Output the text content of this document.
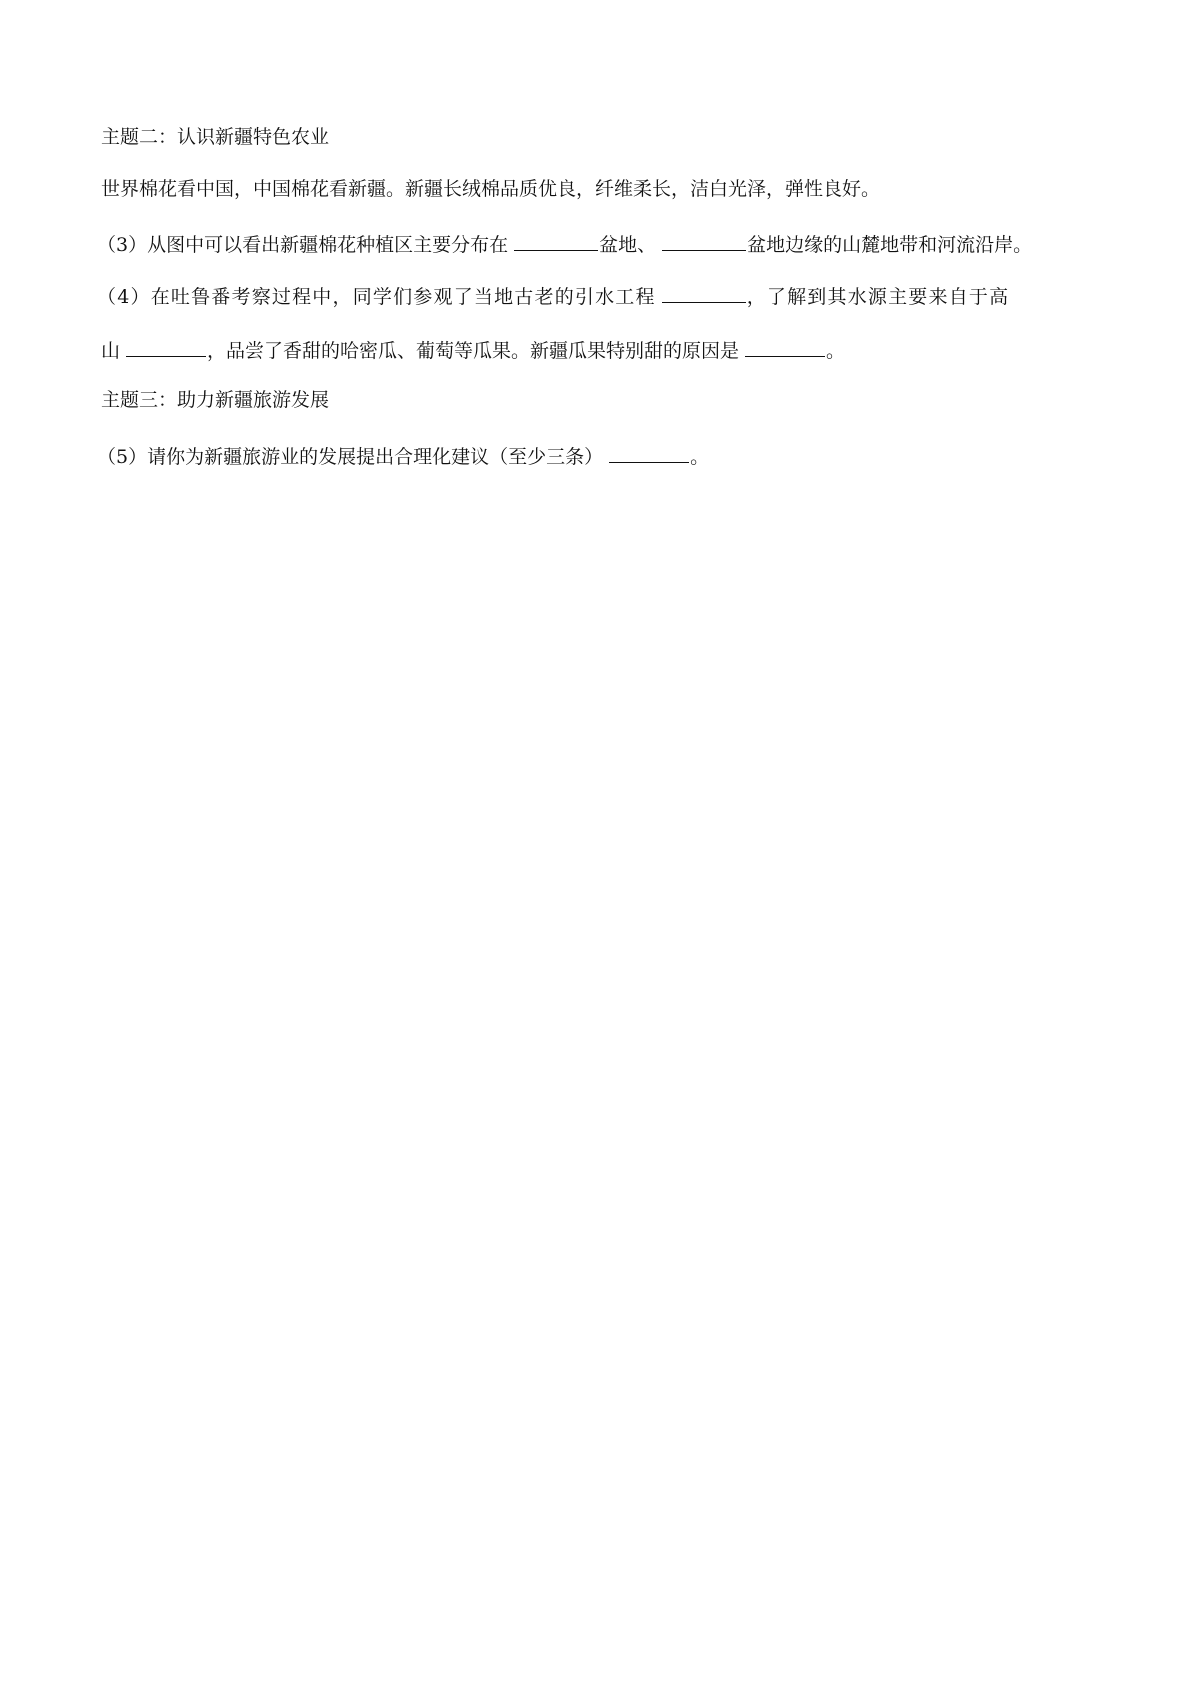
主题二：认识新疆特色农业
世界棉花看中国，中国棉花看新疆。新疆长绒棉品质优良，纤维柔长，洁白光泽，弹性良好。
（3）从图中可以看出新疆棉花种植区主要分布在	盆地、	盆地边缘的山麓地带和河流沿岸。
（4）在吐鲁番考察过程中，同学们参观了当地古老的引水工程	，了解到其水源主要来自于高
山	，品尝了香甜的哈密瓜、葡萄等瓜果。新疆瓜果特别甜的原因是	。
主题三：助力新疆旅游发展
（5）请你为新疆旅游业的发展提出合理化建议（至少三条）	。
